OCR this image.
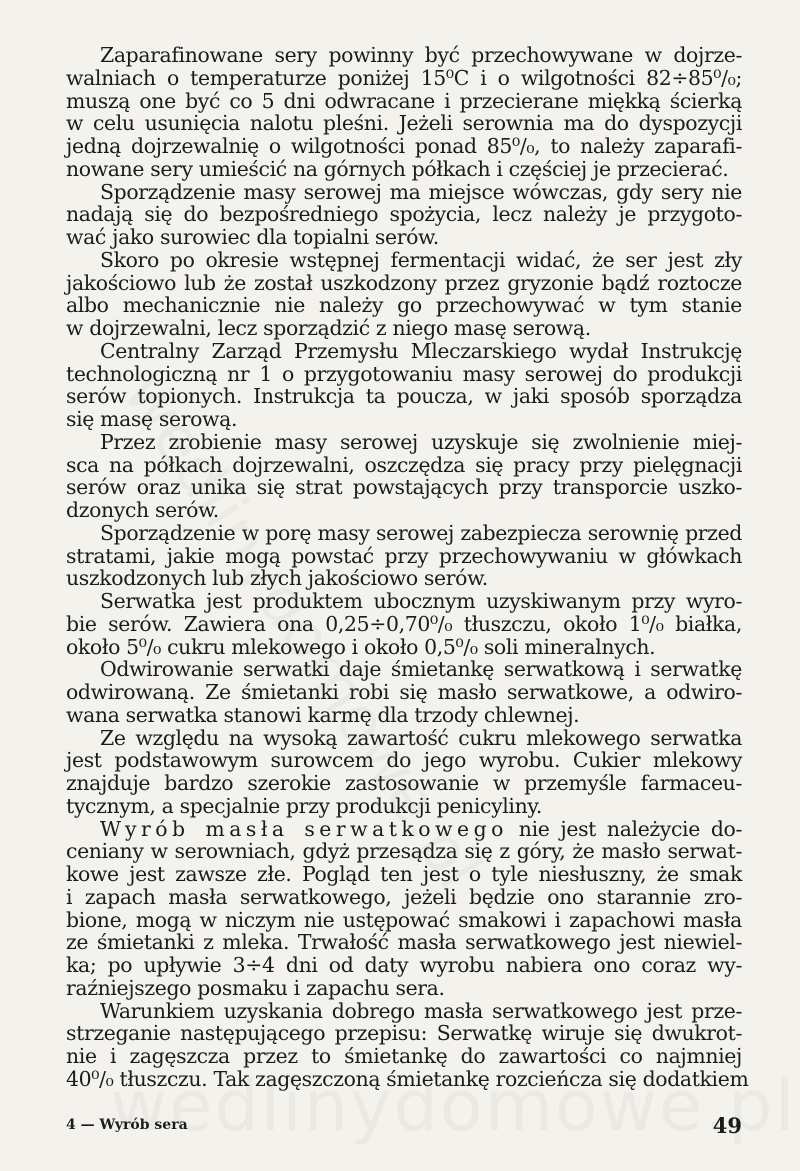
Zaparafinowane sery powinny być przechowywane w dojrze-
walniach o temperaturze poniżej 15⁰C i o wilgotności 82÷85⁰/₀;
muszą one być co 5 dni odwracane i przecierane miękką ścierką
w celu usunięcia nalotu pleśni. Jeżeli serownia ma do dyspozycji
jedną dojrzewalnię o wilgotności ponad 85⁰/₀, to należy zaparafi-
nowane sery umieścić na górnych półkach i częściej je przecierać.
Sporządzenie masy serowej ma miejsce wówczas, gdy sery nie
nadają się do bezpośredniego spożycia, lecz należy je przygoto-
wać jako surowiec dla topialni serów.
Skoro po okresie wstępnej fermentacji widać, że ser jest zły
jakościowo lub że został uszkodzony przez gryzonie bądź roztocze
albo mechanicznie nie należy go przechowywać w tym stanie
w dojrzewalni, lecz sporządzić z niego masę serową.
Centralny Zarząd Przemysłu Mleczarskiego wydał Instrukcję
technologiczną nr 1 o przygotowaniu masy serowej do produkcji
serów topionych. Instrukcja ta poucza, w jaki sposób sporządza
się masę serową.
Przez zrobienie masy serowej uzyskuje się zwolnienie miej-
sca na półkach dojrzewalni, oszczędza się pracy przy pielęgnacji
serów oraz unika się strat powstających przy transporcie uszko-
dzonych serów.
Sporządzenie w porę masy serowej zabezpiecza serownię przed
stratami, jakie mogą powstać przy przechowywaniu w główkach
uszkodzonych lub złych jakościowo serów.
Serwatka jest produktem ubocznym uzyskiwanym przy wyro-
bie serów. Zawiera ona 0,25÷0,70⁰/₀ tłuszczu, około 1⁰/₀ białka,
około 5⁰/₀ cukru mlekowego i około 0,5⁰/₀ soli mineralnych.
Odwirowanie serwatki daje śmietankę serwatkową i serwatkę
odwirowaną. Ze śmietanki robi się masło serwatkowe, a odwiro-
wana serwatka stanowi karmę dla trzody chlewnej.
Ze względu na wysoką zawartość cukru mlekowego serwatka
jest podstawowym surowcem do jego wyrobu. Cukier mlekowy
znajduje bardzo szerokie zastosowanie w przemyśle farmaceu-
tycznym, a specjalnie przy produkcji penicyliny.
Wyrób masła serwatkowego nie jest należycie do-
ceniany w serowniach, gdyż przesądza się z góry, że masło serwat-
kowe jest zawsze złe. Pogląd ten jest o tyle niesłuszny, że smak
i zapach masła serwatkowego, jeżeli będzie ono starannie zro-
bione, mogą w niczym nie ustępować smakowi i zapachowi masła
ze śmietanki z mleka. Trwałość masła serwatkowego jest niewiel-
ka; po upływie 3÷4 dni od daty wyrobu nabiera ono coraz wy-
raźniejszego posmaku i zapachu sera.
Warunkiem uzyskania dobrego masła serwatkowego jest prze-
strzeganie następującego przepisu: Serwatkę wiruje się dwukrot-
nie i zagęszcza przez to śmietankę do zawartości co najmniej
40⁰/₀ tłuszczu. Tak zagęszczoną śmietankę rozcieńcza się dodatkiem
4 — Wyrób sera	49
